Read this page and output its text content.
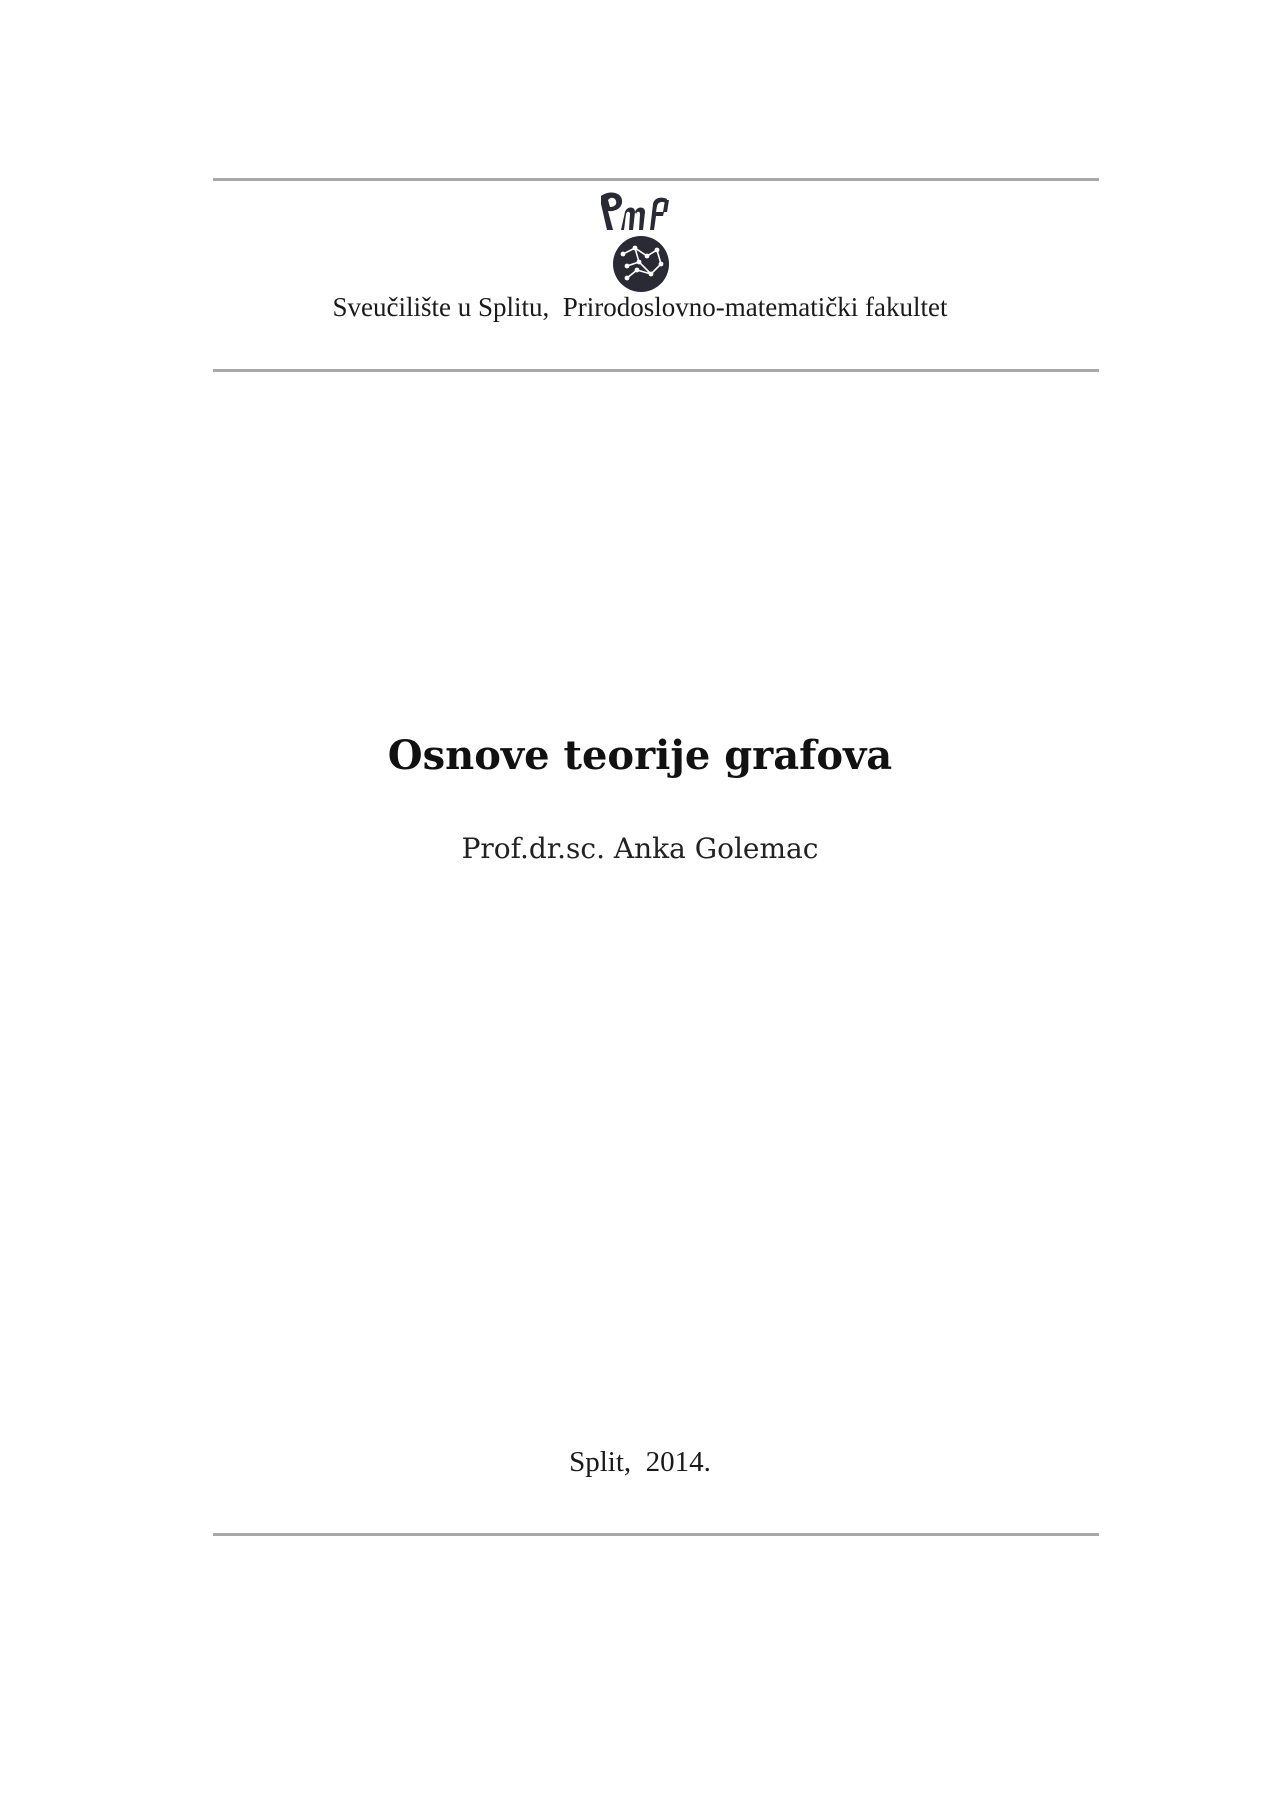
Sveučilište u Splitu,  Prirodoslovno-matematički fakultet
Osnove teorije grafova
Prof.dr.sc. Anka Golemac
Split,  2014.
